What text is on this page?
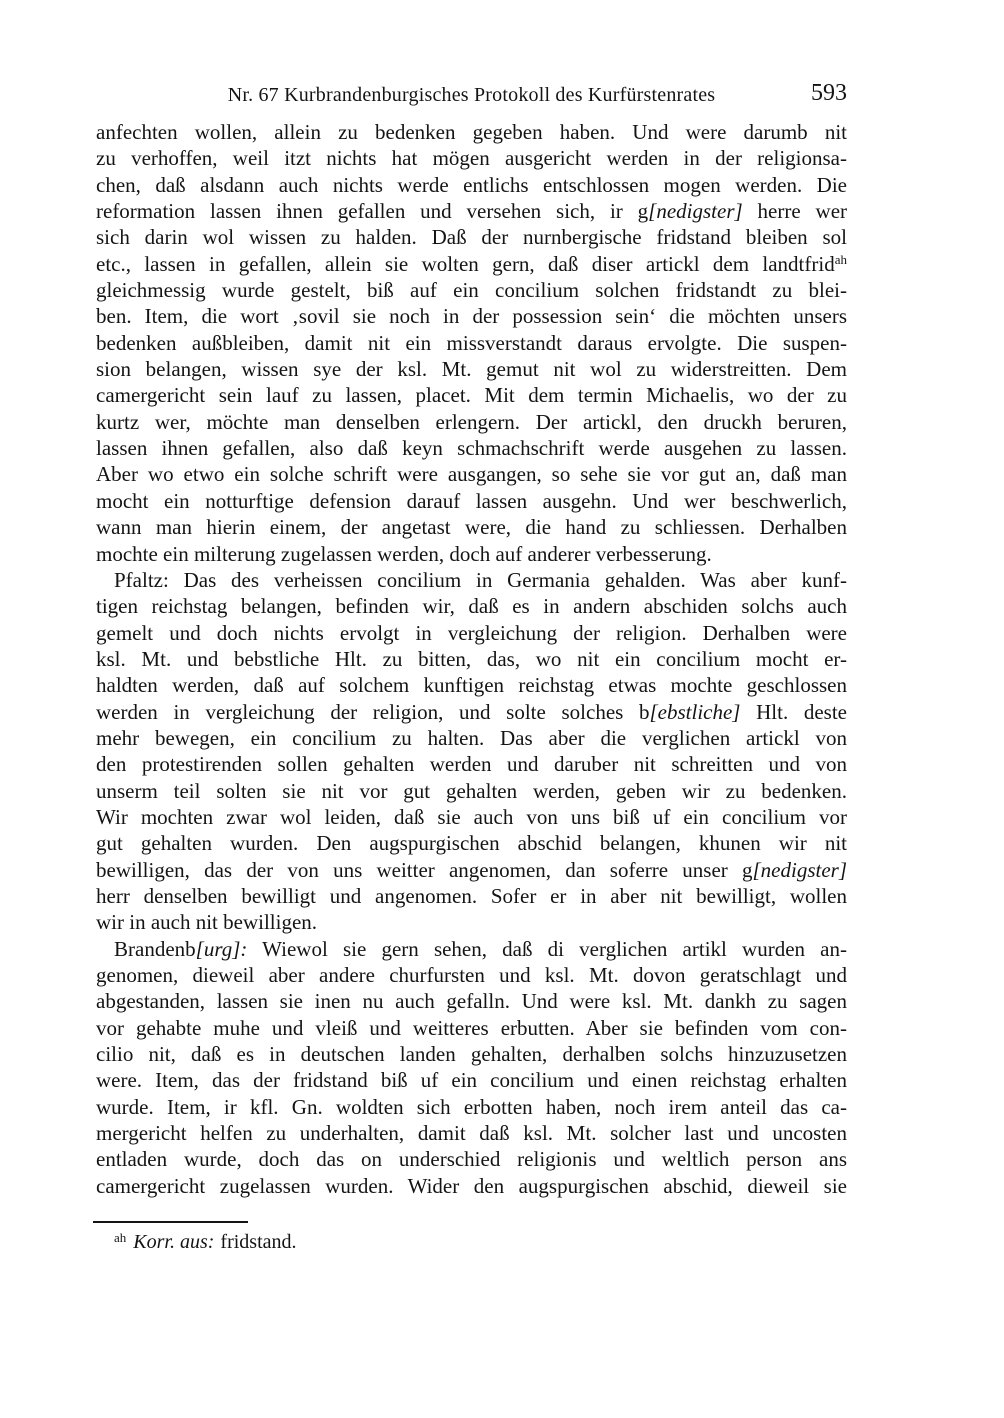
Nr. 67 Kurbrandenburgisches Protokoll des Kurfürstenrates	593
anfechten wollen, allein zu bedenken gegeben haben. Und were darumb nit
zu verhoffen, weil itzt nichts hat mögen ausgericht werden in der religionsa-
chen, daß alsdann auch nichts werde entlichs entschlossen mogen werden. Die
reformation lassen ihnen gefallen und versehen sich, ir g[nedigster] herre wer
sich darin wol wissen zu halden. Daß der nurnbergische fridstand bleiben sol
etc., lassen in gefallen, allein sie wolten gern, daß diser artickl dem landtfrid$^{ah}$
gleichmessig wurde gestelt, biß auf ein concilium solchen fridstandt zu blei-
ben. Item, die wort ‚sovil sie noch in der possession sein‘ die möchten unsers
bedenken außbleiben, damit nit ein missverstandt daraus ervolgte. Die suspen-
sion belangen, wissen sye der ksl. Mt. gemut nit wol zu widerstreitten. Dem
camergericht sein lauf zu lassen, placet. Mit dem termin Michaelis, wo der zu
kurtz wer, möchte man denselben erlengern. Der artickl, den druckh beruren,
lassen ihnen gefallen, also daß keyn schmachschrift werde ausgehen zu lassen.
Aber wo etwo ein solche schrift were ausgangen, so sehe sie vor gut an, daß man
mocht ein notturftige defension darauf lassen ausgehn. Und wer beschwerlich,
wann man hierin einem, der angetast were, die hand zu schliessen. Derhalben
mochte ein milterung zugelassen werden, doch auf anderer verbesserung.
Pfaltz: Das des verheissen concilium in Germania gehalden. Was aber kunf-
tigen reichstag belangen, befinden wir, daß es in andern abschiden solchs auch
gemelt und doch nichts ervolgt in vergleichung der religion. Derhalben were
ksl. Mt. und bebstliche Hlt. zu bitten, das, wo nit ein concilium mocht er-
haldten werden, daß auf solchem kunftigen reichstag etwas mochte geschlossen
werden in vergleichung der religion, und solte solches b[ebstliche] Hlt. deste
mehr bewegen, ein concilium zu halten. Das aber die verglichen artickl von
den protestirenden sollen gehalten werden und daruber nit schreitten und von
unserm teil solten sie nit vor gut gehalten werden, geben wir zu bedenken.
Wir mochten zwar wol leiden, daß sie auch von uns biß uf ein concilium vor
gut gehalten wurden. Den augspurgischen abschid belangen, khunen wir nit
bewilligen, das der von uns weitter angenomen, dan soferre unser g[nedigster]
herr denselben bewilligt und angenomen. Sofer er in aber nit bewilligt, wollen
wir in auch nit bewilligen.
Brandenb[urg]: Wiewol sie gern sehen, daß di verglichen artikl wurden an-
genomen, dieweil aber andere churfursten und ksl. Mt. dovon geratschlagt und
abgestanden, lassen sie inen nu auch gefalln. Und were ksl. Mt. dankh zu sagen
vor gehabte muhe und vleiß und weitteres erbutten. Aber sie befinden vom con-
cilio nit, daß es in deutschen landen gehalten, derhalben solchs hinzuzusetzen
were. Item, das der fridstand biß uf ein concilium und einen reichstag erhalten
wurde. Item, ir kfl. Gn. woldten sich erbotten haben, noch irem anteil das ca-
mergericht helfen zu underhalten, damit daß ksl. Mt. solcher last und uncosten
entladen wurde, doch das on underschied religionis und weltlich person ans
camergericht zugelassen wurden. Wider den augspurgischen abschid, dieweil sie
$^{ah}$ Korr. aus: fridstand.
